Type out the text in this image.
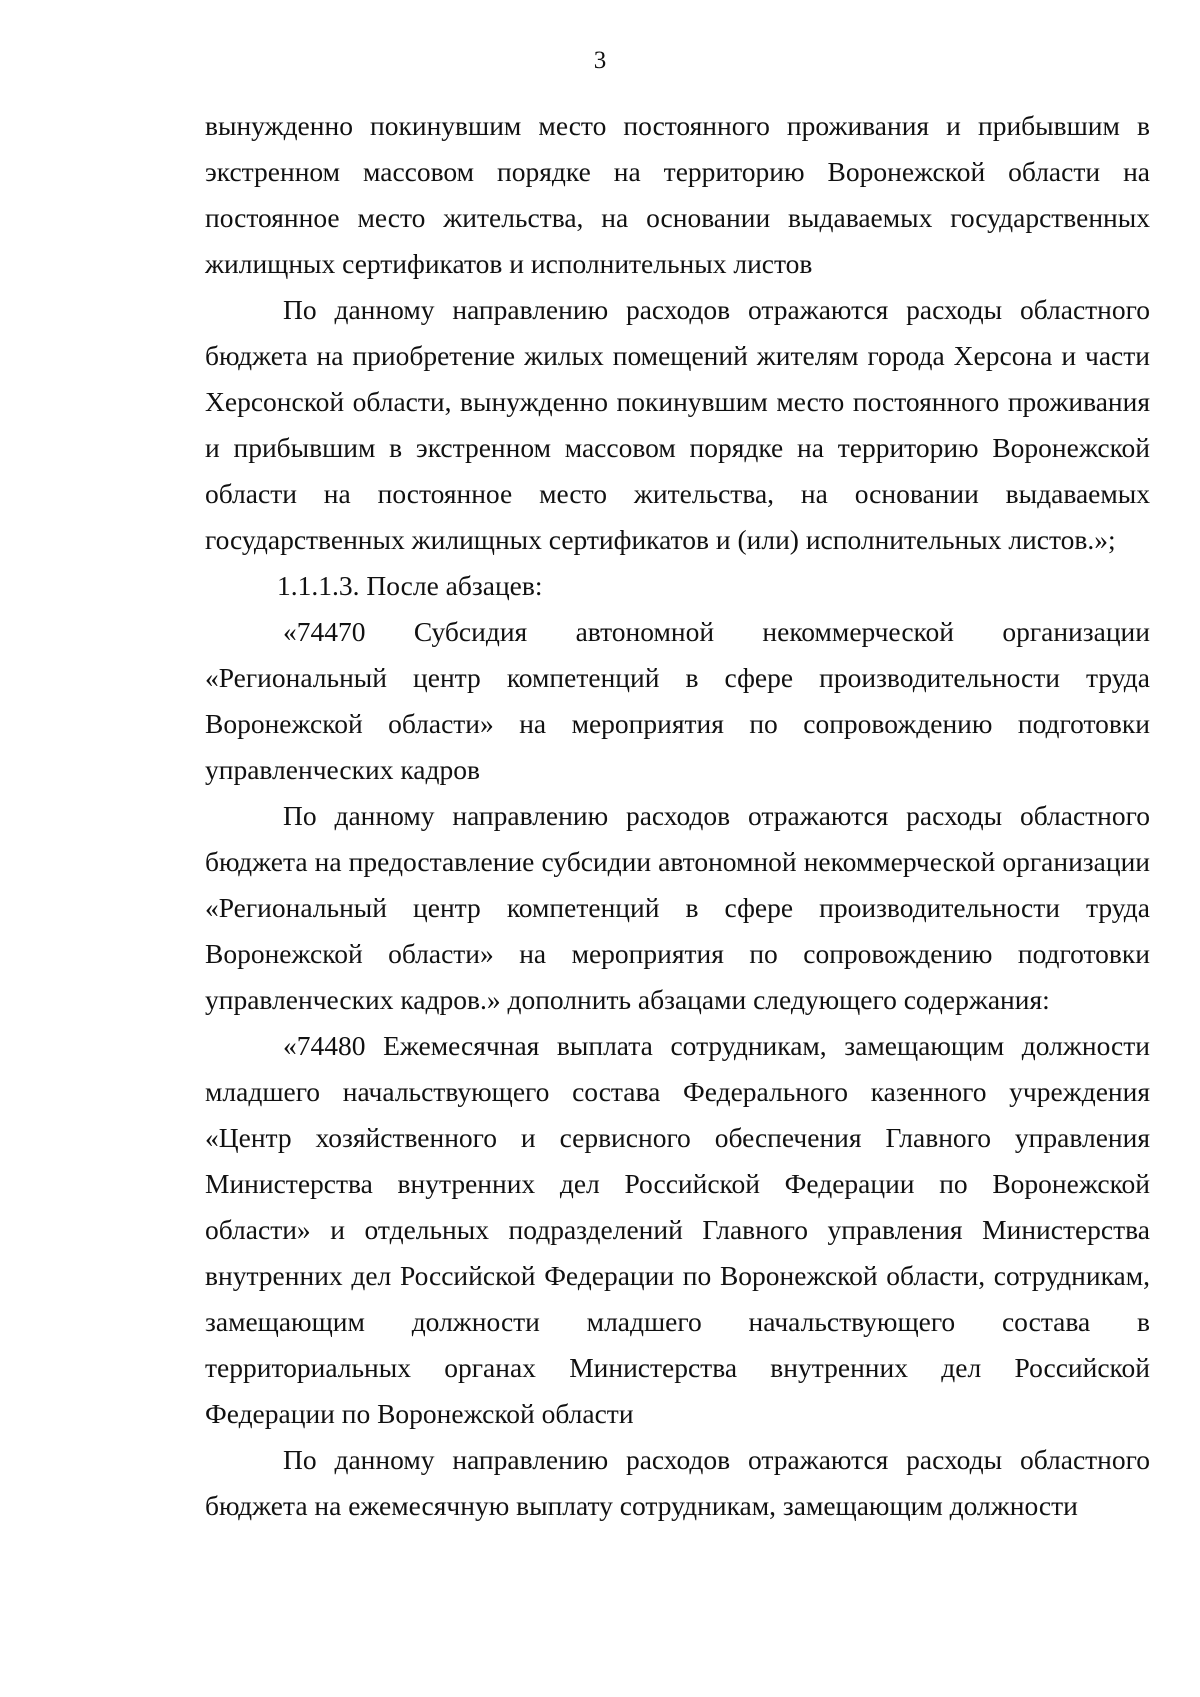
3

вынужденно покинувшим место постоянного проживания и прибывшим в экстренном массовом порядке на территорию Воронежской области на постоянное место жительства, на основании выдаваемых государственных жилищных сертификатов и исполнительных листов

По данному направлению расходов отражаются расходы областного бюджета на приобретение жилых помещений жителям города Херсона и части Херсонской области, вынужденно покинувшим место постоянного проживания и прибывшим в экстренном массовом порядке на территорию Воронежской области на постоянное место жительства, на основании выдаваемых государственных жилищных сертификатов и (или) исполнительных листов.»;

1.1.1.3. После абзацев:

«74470 Субсидия автономной некоммерческой организации «Региональный центр компетенций в сфере производительности труда Воронежской области» на мероприятия по сопровождению подготовки управленческих кадров

По данному направлению расходов отражаются расходы областного бюджета на предоставление субсидии автономной некоммерческой организации «Региональный центр компетенций в сфере производительности труда Воронежской области» на мероприятия по сопровождению подготовки управленческих кадров.» дополнить абзацами следующего содержания:

«74480 Ежемесячная выплата сотрудникам, замещающим должности младшего начальствующего состава Федерального казенного учреждения «Центр хозяйственного и сервисного обеспечения Главного управления Министерства внутренних дел Российской Федерации по Воронежской области» и отдельных подразделений Главного управления Министерства внутренних дел Российской Федерации по Воронежской области, сотрудникам, замещающим должности младшего начальствующего состава в территориальных органах Министерства внутренних дел Российской Федерации по Воронежской области

По данному направлению расходов отражаются расходы областного бюджета на ежемесячную выплату сотрудникам, замещающим должности
